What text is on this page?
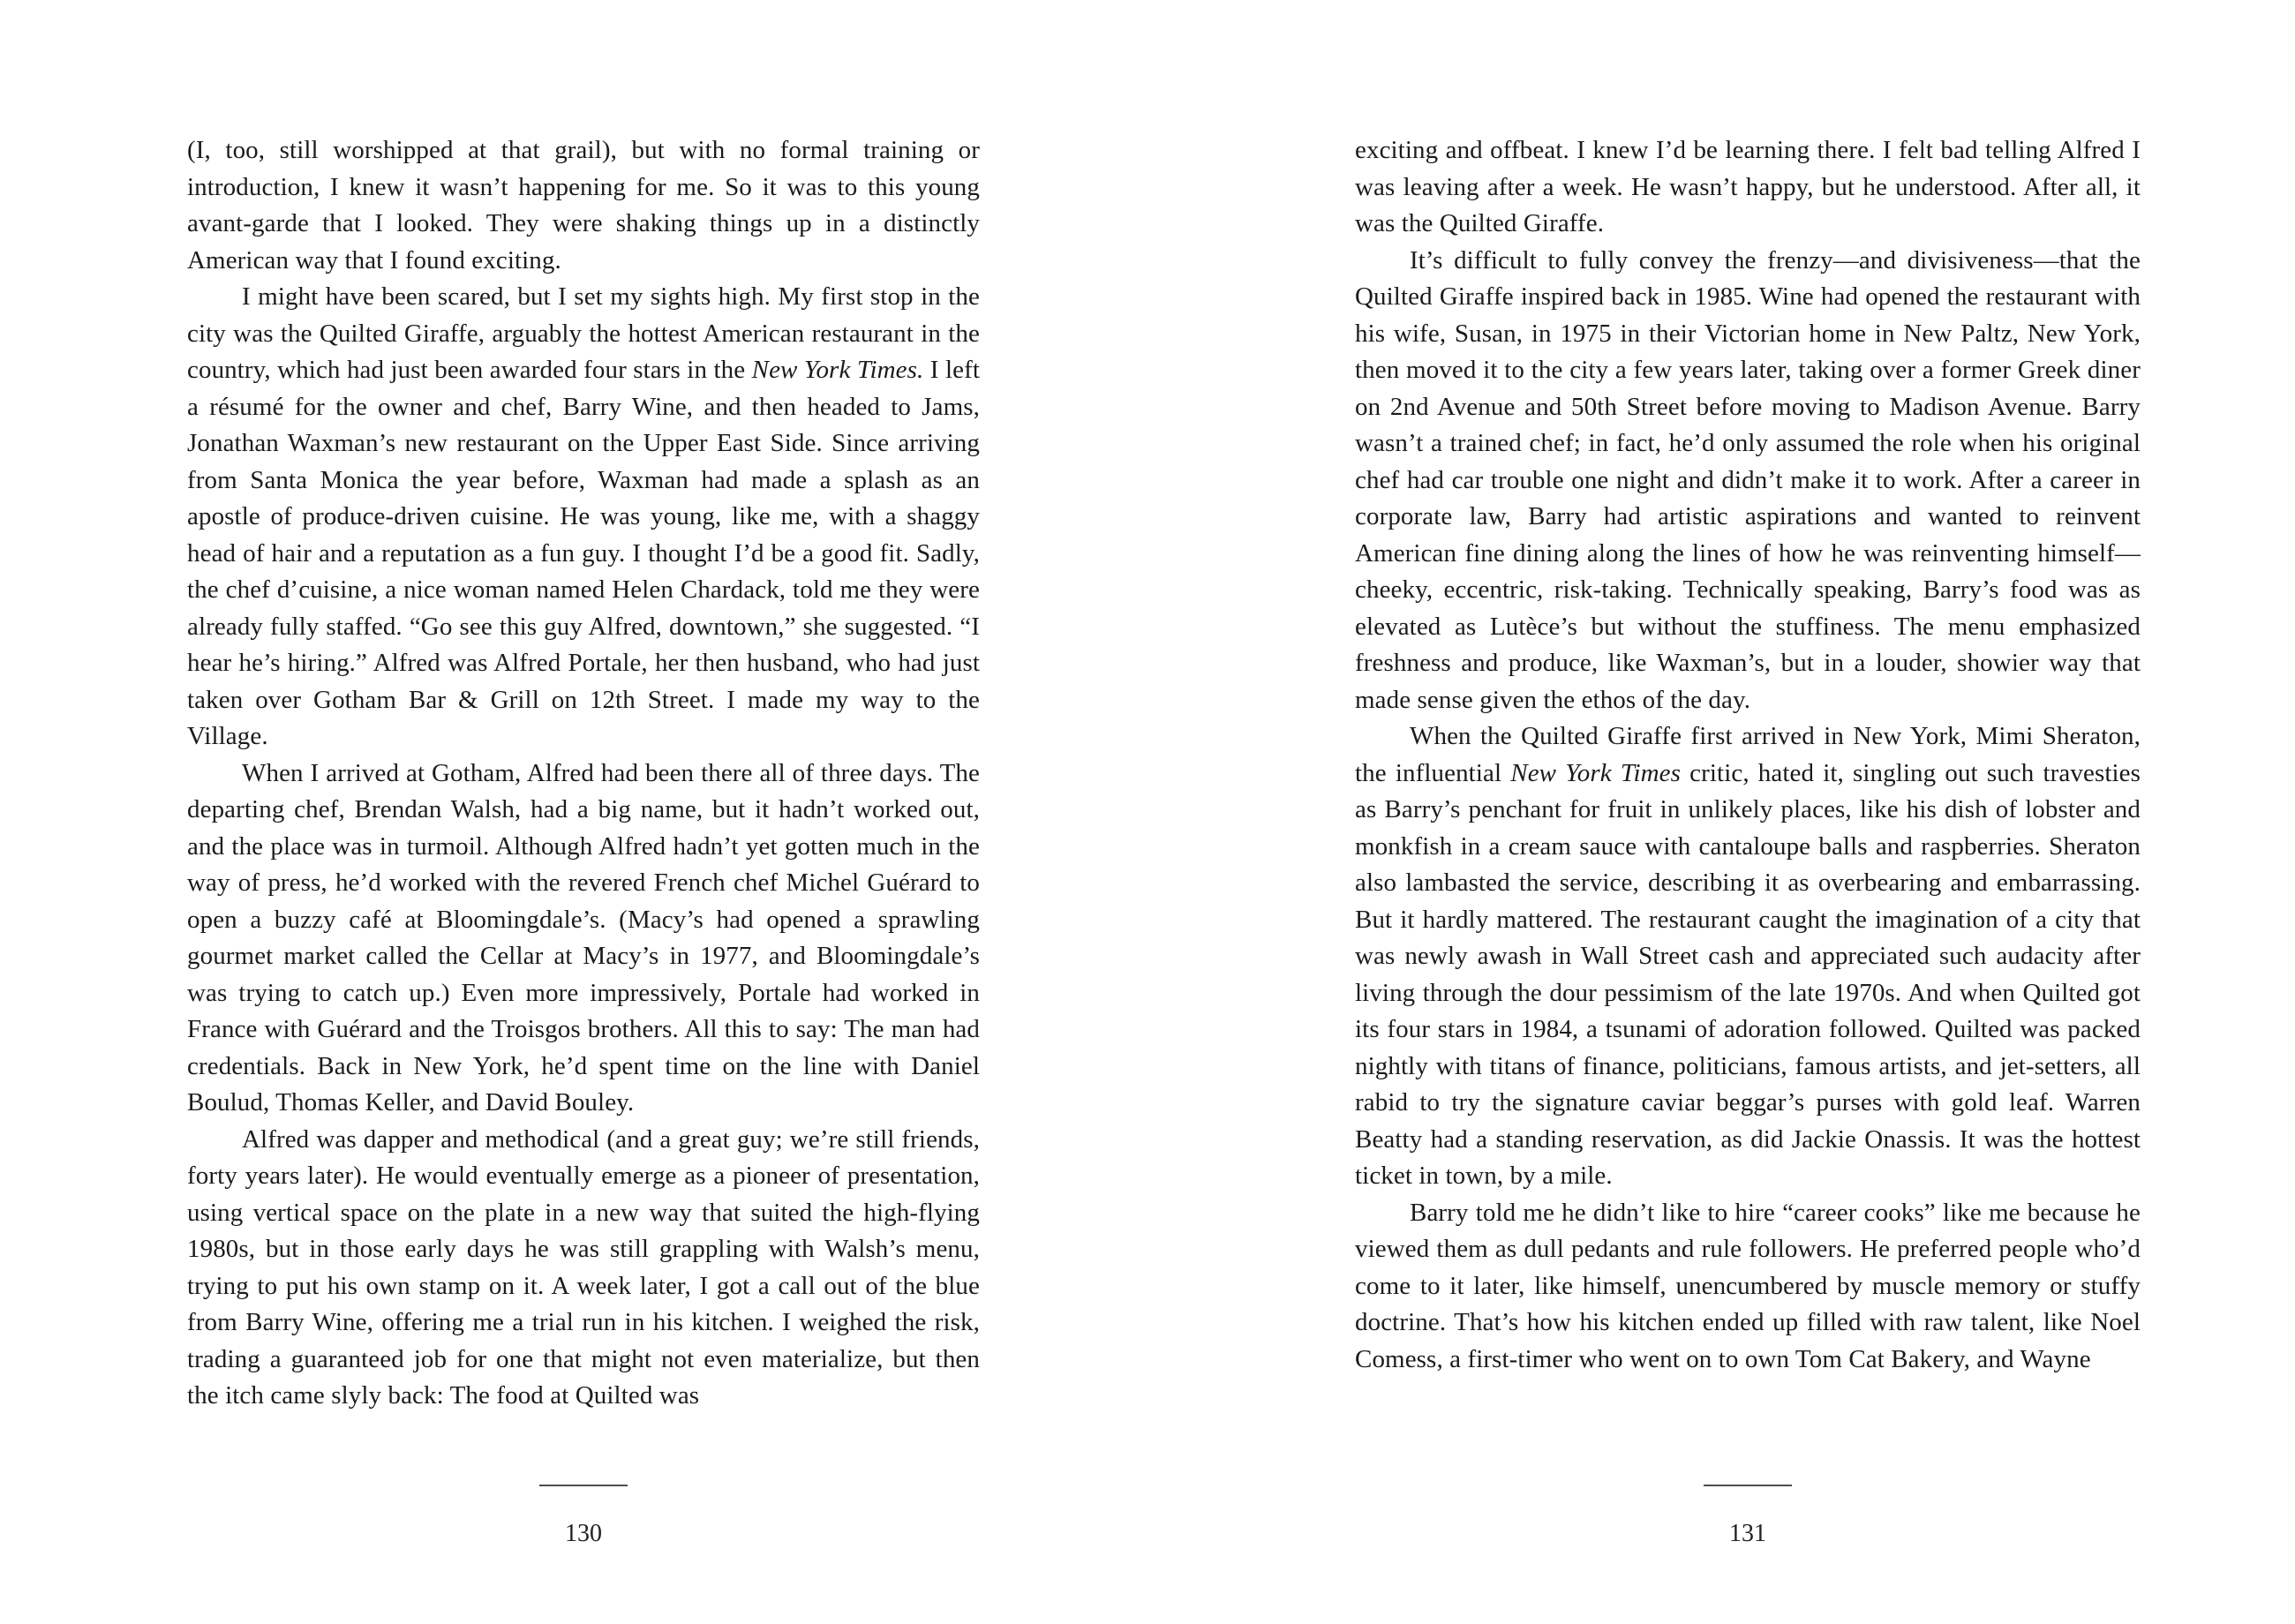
(I, too, still worshipped at that grail), but with no formal training or introduction, I knew it wasn’t happening for me. So it was to this young avant-garde that I looked. They were shaking things up in a distinctly American way that I found exciting.

I might have been scared, but I set my sights high. My first stop in the city was the Quilted Giraffe, arguably the hottest American restaurant in the country, which had just been awarded four stars in the New York Times. I left a résumé for the owner and chef, Barry Wine, and then headed to Jams, Jonathan Waxman’s new restaurant on the Upper East Side. Since arriving from Santa Monica the year before, Waxman had made a splash as an apostle of produce-driven cuisine. He was young, like me, with a shaggy head of hair and a reputation as a fun guy. I thought I’d be a good fit. Sadly, the chef d’cuisine, a nice woman named Helen Chardack, told me they were already fully staffed. “Go see this guy Alfred, downtown,” she suggested. “I hear he’s hiring.” Alfred was Alfred Portale, her then husband, who had just taken over Gotham Bar & Grill on 12th Street. I made my way to the Village.

When I arrived at Gotham, Alfred had been there all of three days. The departing chef, Brendan Walsh, had a big name, but it hadn’t worked out, and the place was in turmoil. Although Alfred hadn’t yet gotten much in the way of press, he’d worked with the revered French chef Michel Guérard to open a buzzy café at Bloomingdale’s. (Macy’s had opened a sprawling gourmet market called the Cellar at Macy’s in 1977, and Bloomingdale’s was trying to catch up.) Even more impressively, Portale had worked in France with Guérard and the Troisgos brothers. All this to say: The man had credentials. Back in New York, he’d spent time on the line with Daniel Boulud, Thomas Keller, and David Bouley.

Alfred was dapper and methodical (and a great guy; we’re still friends, forty years later). He would eventually emerge as a pioneer of presentation, using vertical space on the plate in a new way that suited the high-flying 1980s, but in those early days he was still grappling with Walsh’s menu, trying to put his own stamp on it. A week later, I got a call out of the blue from Barry Wine, offering me a trial run in his kitchen. I weighed the risk, trading a guaranteed job for one that might not even materialize, but then the itch came slyly back: The food at Quilted was

130

exciting and offbeat. I knew I’d be learning there. I felt bad telling Alfred I was leaving after a week. He wasn’t happy, but he understood. After all, it was the Quilted Giraffe.

It’s difficult to fully convey the frenzy—and divisiveness—that the Quilted Giraffe inspired back in 1985. Wine had opened the restaurant with his wife, Susan, in 1975 in their Victorian home in New Paltz, New York, then moved it to the city a few years later, taking over a former Greek diner on 2nd Avenue and 50th Street before moving to Madison Avenue. Barry wasn’t a trained chef; in fact, he’d only assumed the role when his original chef had car trouble one night and didn’t make it to work. After a career in corporate law, Barry had artistic aspirations and wanted to reinvent American fine dining along the lines of how he was reinventing himself—cheeky, eccentric, risk-taking. Technically speaking, Barry’s food was as elevated as Lutèce’s but without the stuffiness. The menu emphasized freshness and produce, like Waxman’s, but in a louder, showier way that made sense given the ethos of the day.

When the Quilted Giraffe first arrived in New York, Mimi Sheraton, the influential New York Times critic, hated it, singling out such travesties as Barry’s penchant for fruit in unlikely places, like his dish of lobster and monkfish in a cream sauce with cantaloupe balls and raspberries. Sheraton also lambasted the service, describing it as overbearing and embarrassing. But it hardly mattered. The restaurant caught the imagination of a city that was newly awash in Wall Street cash and appreciated such audacity after living through the dour pessimism of the late 1970s. And when Quilted got its four stars in 1984, a tsunami of adoration followed. Quilted was packed nightly with titans of finance, politicians, famous artists, and jet-setters, all rabid to try the signature caviar beggar’s purses with gold leaf. Warren Beatty had a standing reservation, as did Jackie Onassis. It was the hottest ticket in town, by a mile.

Barry told me he didn’t like to hire “career cooks” like me because he viewed them as dull pedants and rule followers. He preferred people who’d come to it later, like himself, unencumbered by muscle memory or stuffy doctrine. That’s how his kitchen ended up filled with raw talent, like Noel Comess, a first-timer who went on to own Tom Cat Bakery, and Wayne

131
